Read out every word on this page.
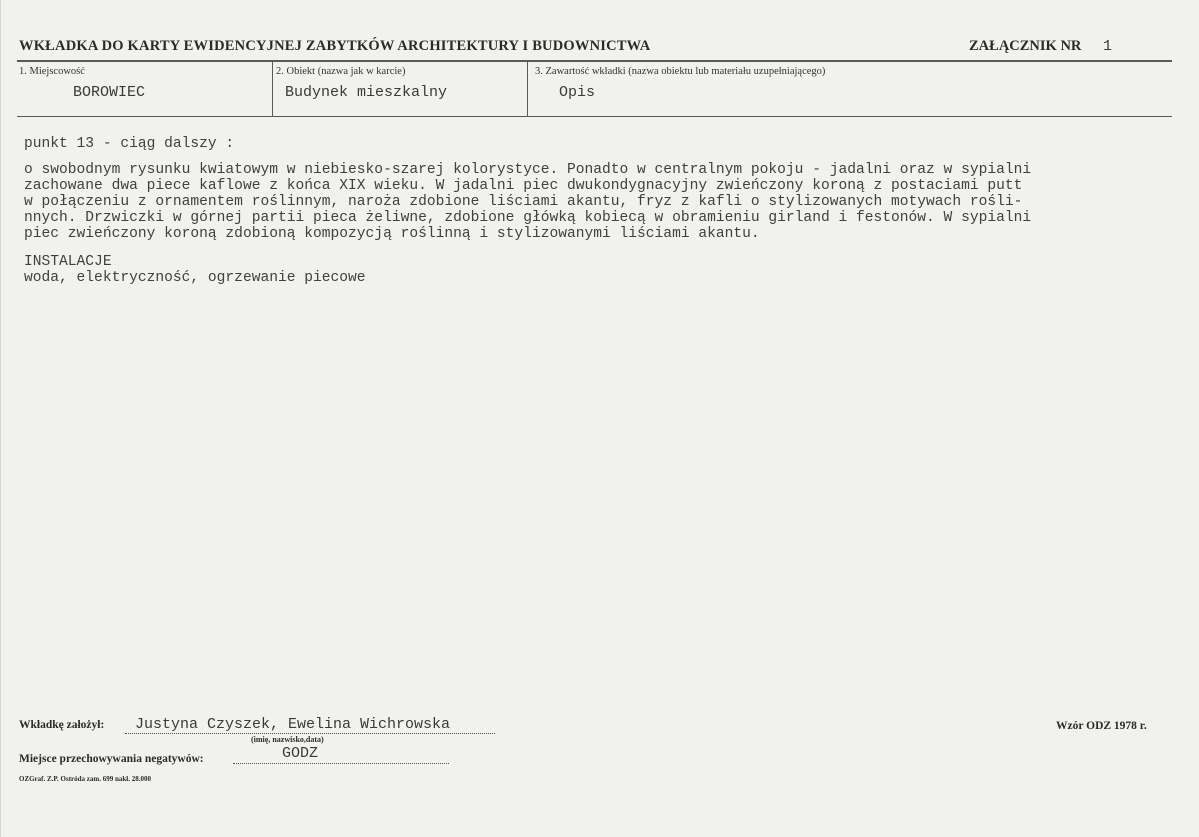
WKŁADKA DO KARTY EWIDENCYJNEJ ZABYTKÓW ARCHITEKTURY I BUDOWNICTWA	ZAŁĄCZNIK NR 1
1. Miejscowość
BOROWIEC
2. Obiekt (nazwa jak w karcie)
Budynek mieszkalny
3. Zawartość wkładki (nazwa obiektu lub materiału uzupełniającego)
Opis
punkt 13 - ciąg dalszy :
o swobodnym rysunku kwiatowym w niebiesko-szarej kolorystyce. Ponadto w centralnym pokoju - jadalni oraz w sypialni
zachowane dwa piece kaflowe z końca XIX wieku. W jadalni piec dwukondygnacyjny zwieńczony koroną z postaciami putt
w połączeniu z ornamentem roślinnym, naroża zdobione liściami akantu, fryz z kafli o stylizowanych motywach rośli-
nnych. Drzwiczki w górnej partii pieca żeliwne, zdobione główką kobiecą w obramieniu girland i festonów. W sypialni
piec zwieńczony koroną zdobioną kompozycją roślinną i stylizowanymi liściami akantu.
INSTALACJE
woda, elektryczność, ogrzewanie piecowe
Wkładkę założył: Justyna Czyszek, Ewelina Wichrowska
(imię, nazwisko,data)
Miejsce przechowywania negatywów:	GODZ
Wzór ODZ 1978 r.
OZGraf. Z.P. Ostróda zam. 699 nakł. 28.000
